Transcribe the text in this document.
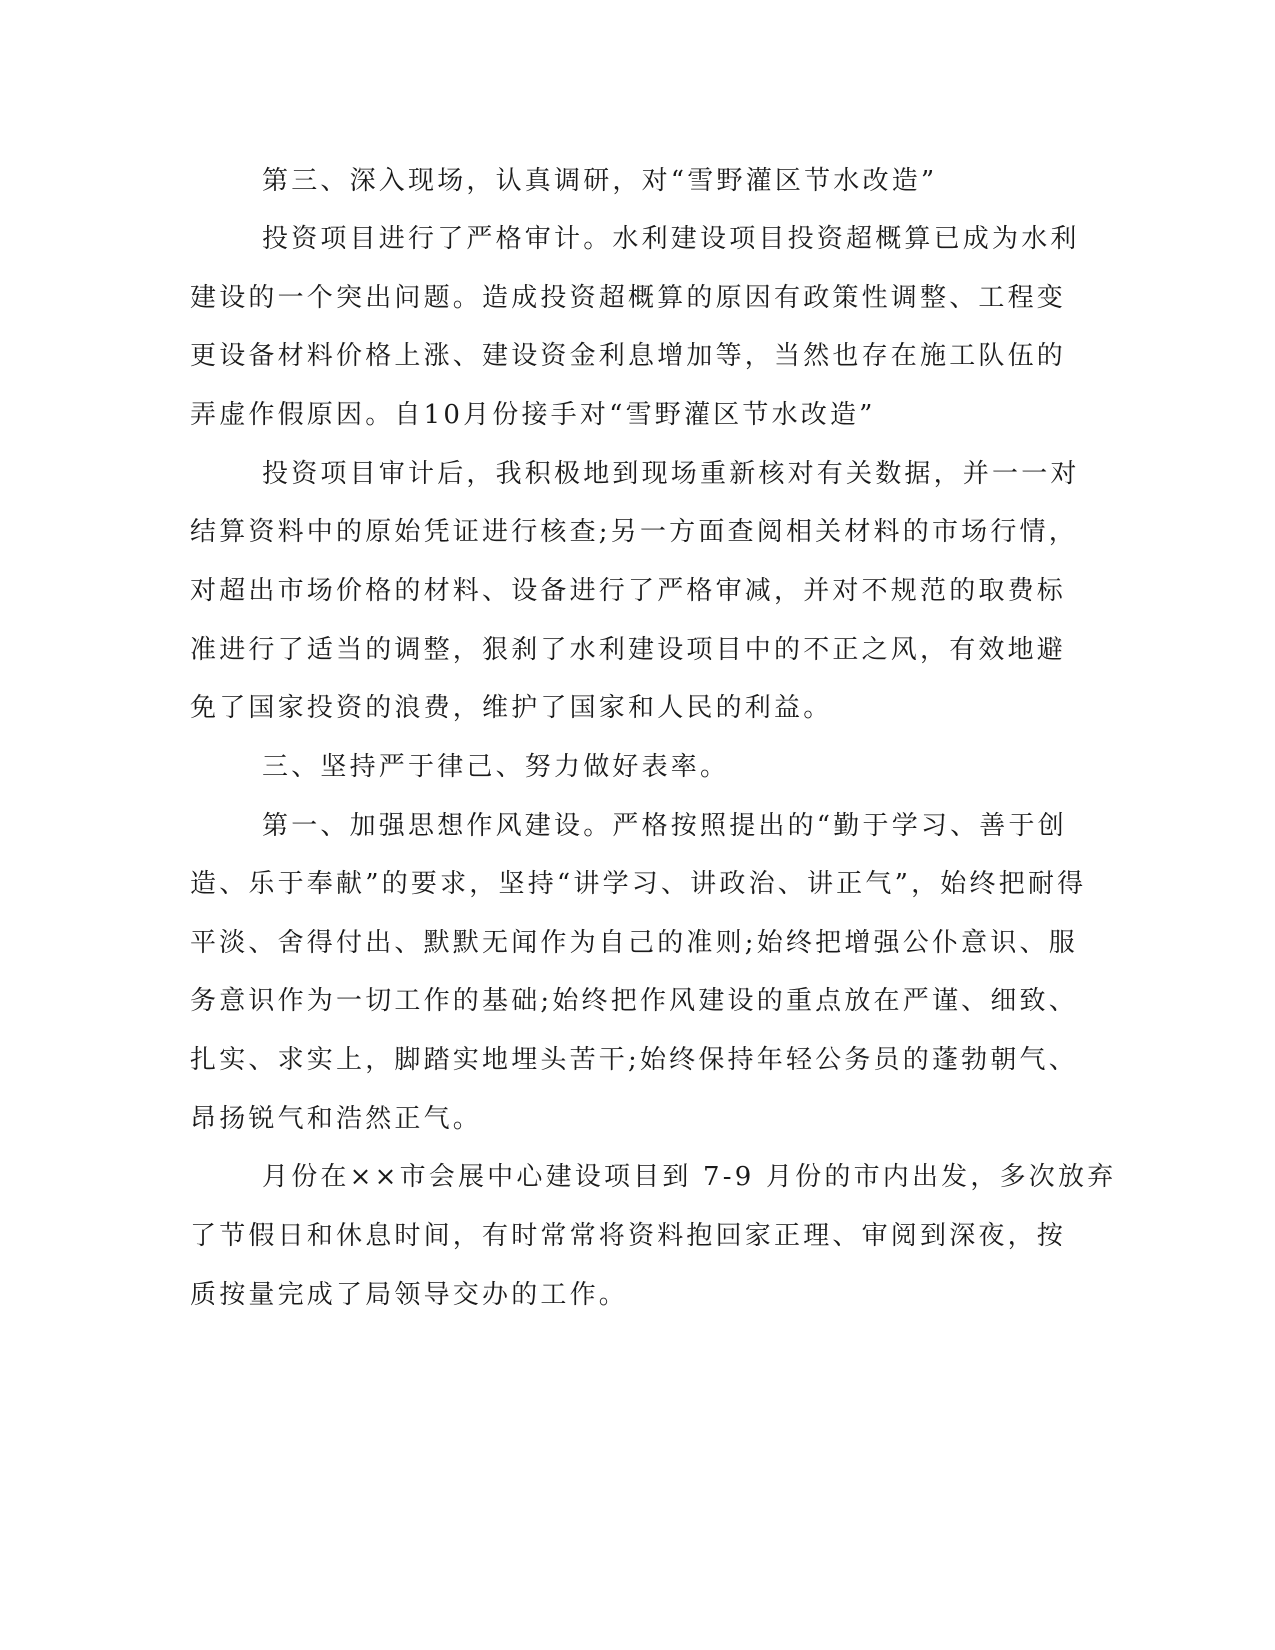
第三、深入现场，认真调研，对“雪野灌区节水改造”
投资项目进行了严格审计。水利建设项目投资超概算已成为水利
建设的一个突出问题。造成投资超概算的原因有政策性调整、工程变
更设备材料价格上涨、建设资金利息增加等，当然也存在施工队伍的
弄虚作假原因。自10月份接手对“雪野灌区节水改造”
投资项目审计后，我积极地到现场重新核对有关数据，并一一对
结算资料中的原始凭证进行核查;另一方面查阅相关材料的市场行情，
对超出市场价格的材料、设备进行了严格审减，并对不规范的取费标
准进行了适当的调整，狠刹了水利建设项目中的不正之风，有效地避
免了国家投资的浪费，维护了国家和人民的利益。
三、坚持严于律己、努力做好表率。
第一、加强思想作风建设。严格按照提出的“勤于学习、善于创
造、乐于奉献”的要求，坚持“讲学习、讲政治、讲正气”，始终把耐得
平淡、舍得付出、默默无闻作为自己的准则;始终把增强公仆意识、服
务意识作为一切工作的基础;始终把作风建设的重点放在严谨、细致、
扎实、求实上，脚踏实地埋头苦干;始终保持年轻公务员的蓬勃朝气、
昂扬锐气和浩然正气。
月份在××市会展中心建设项目到 7-9 月份的市内出发，多次放弃
了节假日和休息时间，有时常常将资料抱回家正理、审阅到深夜，按
质按量完成了局领导交办的工作。
